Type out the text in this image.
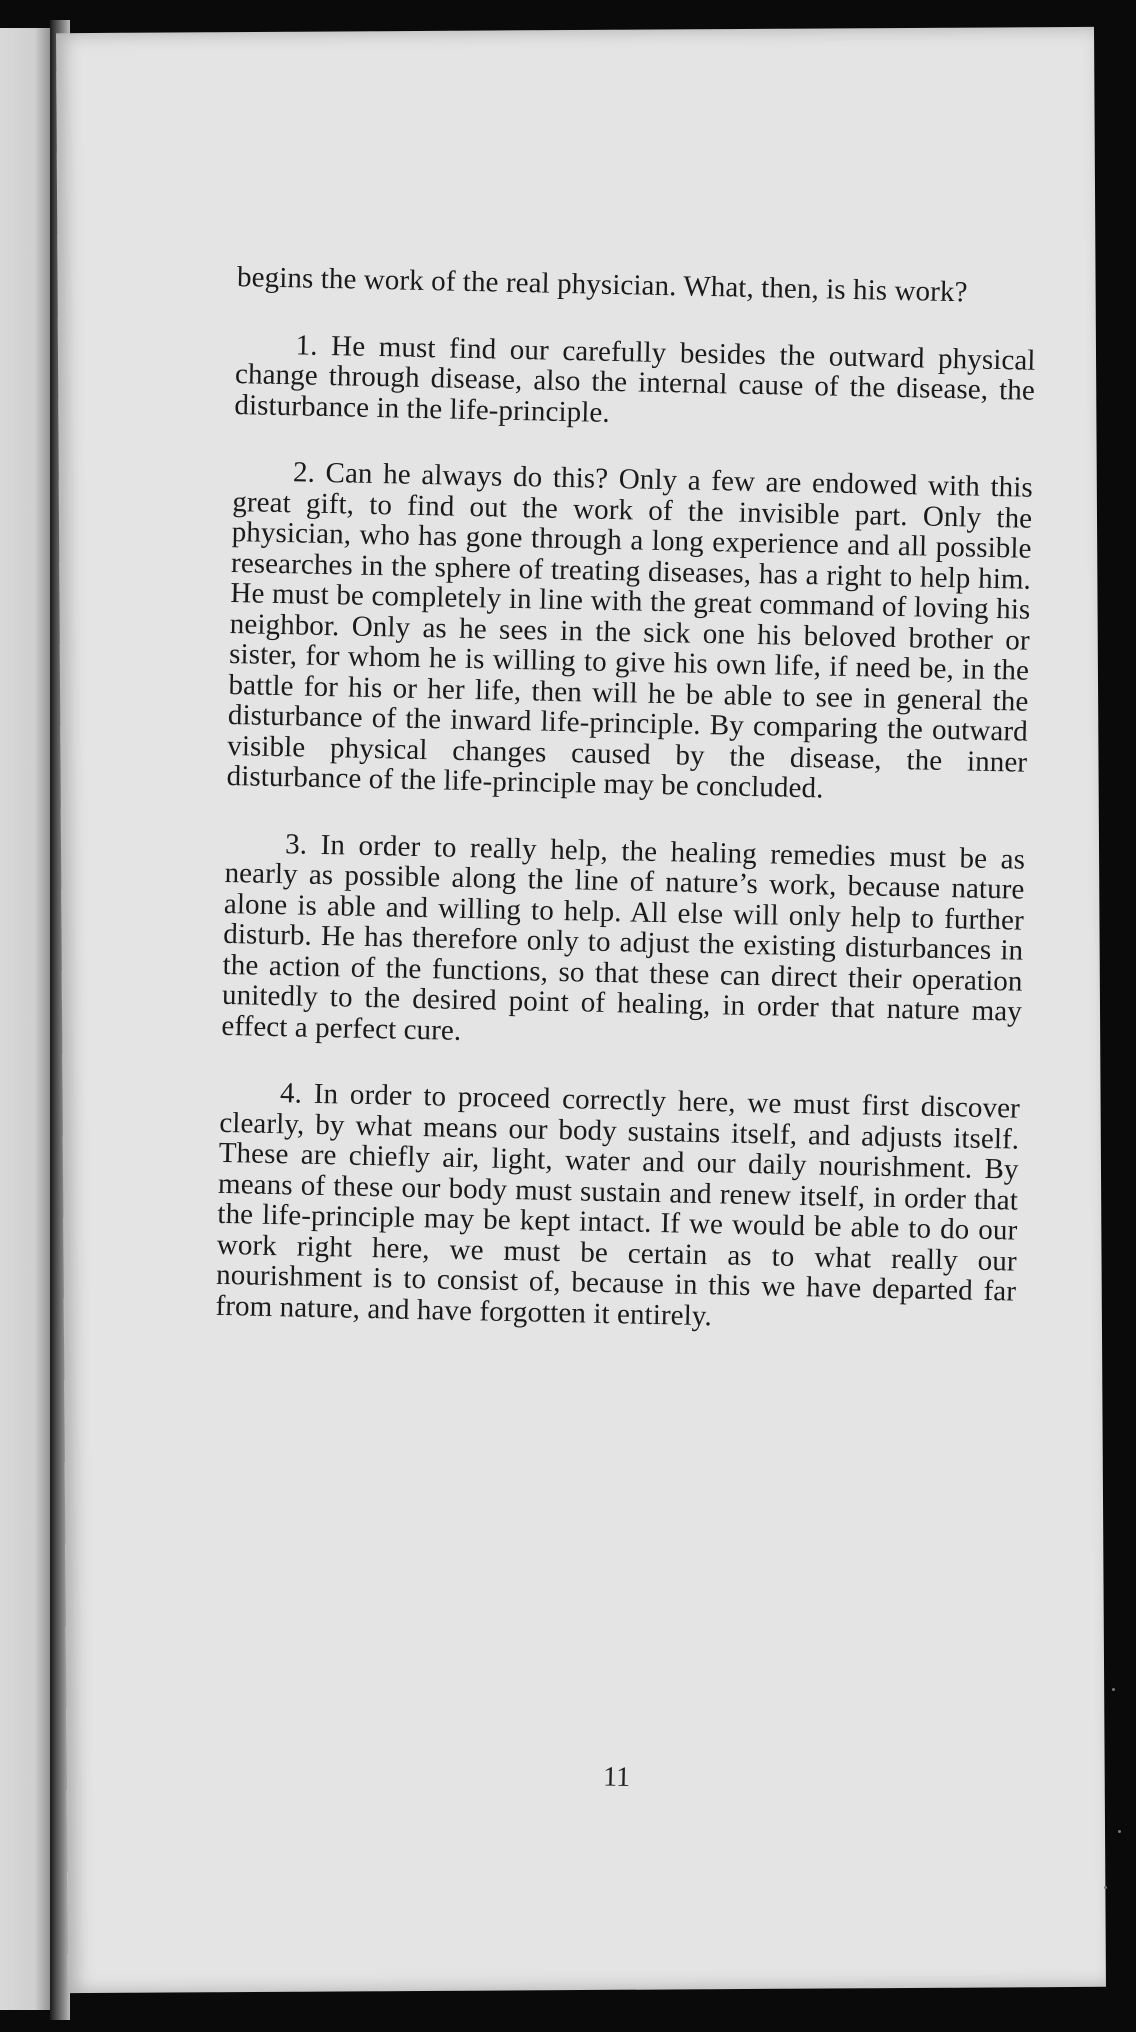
begins the work of the real physician. What, then, is his work?

1. He must find our carefully besides the outward physical change through disease, also the internal cause of the disease, the disturbance in the life-principle.

2. Can he always do this? Only a few are endowed with this great gift, to find out the work of the invisible part. Only the physician, who has gone through a long experience and all possible researches in the sphere of treating diseases, has a right to help him. He must be completely in line with the great command of loving his neighbor. Only as he sees in the sick one his beloved brother or sister, for whom he is willing to give his own life, if need be, in the battle for his or her life, then will he be able to see in general the disturbance of the inward life-principle. By comparing the outward visible physical changes caused by the disease, the inner disturbance of the life-principle may be concluded.

3. In order to really help, the healing remedies must be as nearly as possible along the line of nature’s work, because nature alone is able and willing to help. All else will only help to further disturb. He has therefore only to adjust the existing disturbances in the action of the functions, so that these can direct their operation unitedly to the desired point of healing, in order that nature may effect a perfect cure.

4. In order to proceed correctly here, we must first discover clearly, by what means our body sustains itself, and adjusts itself. These are chiefly air, light, water and our daily nourishment. By means of these our body must sustain and renew itself, in order that the life-principle may be kept intact. If we would be able to do our work right here, we must be certain as to what really our nourishment is to consist of, because in this we have departed far from nature, and have forgotten it entirely.

11
